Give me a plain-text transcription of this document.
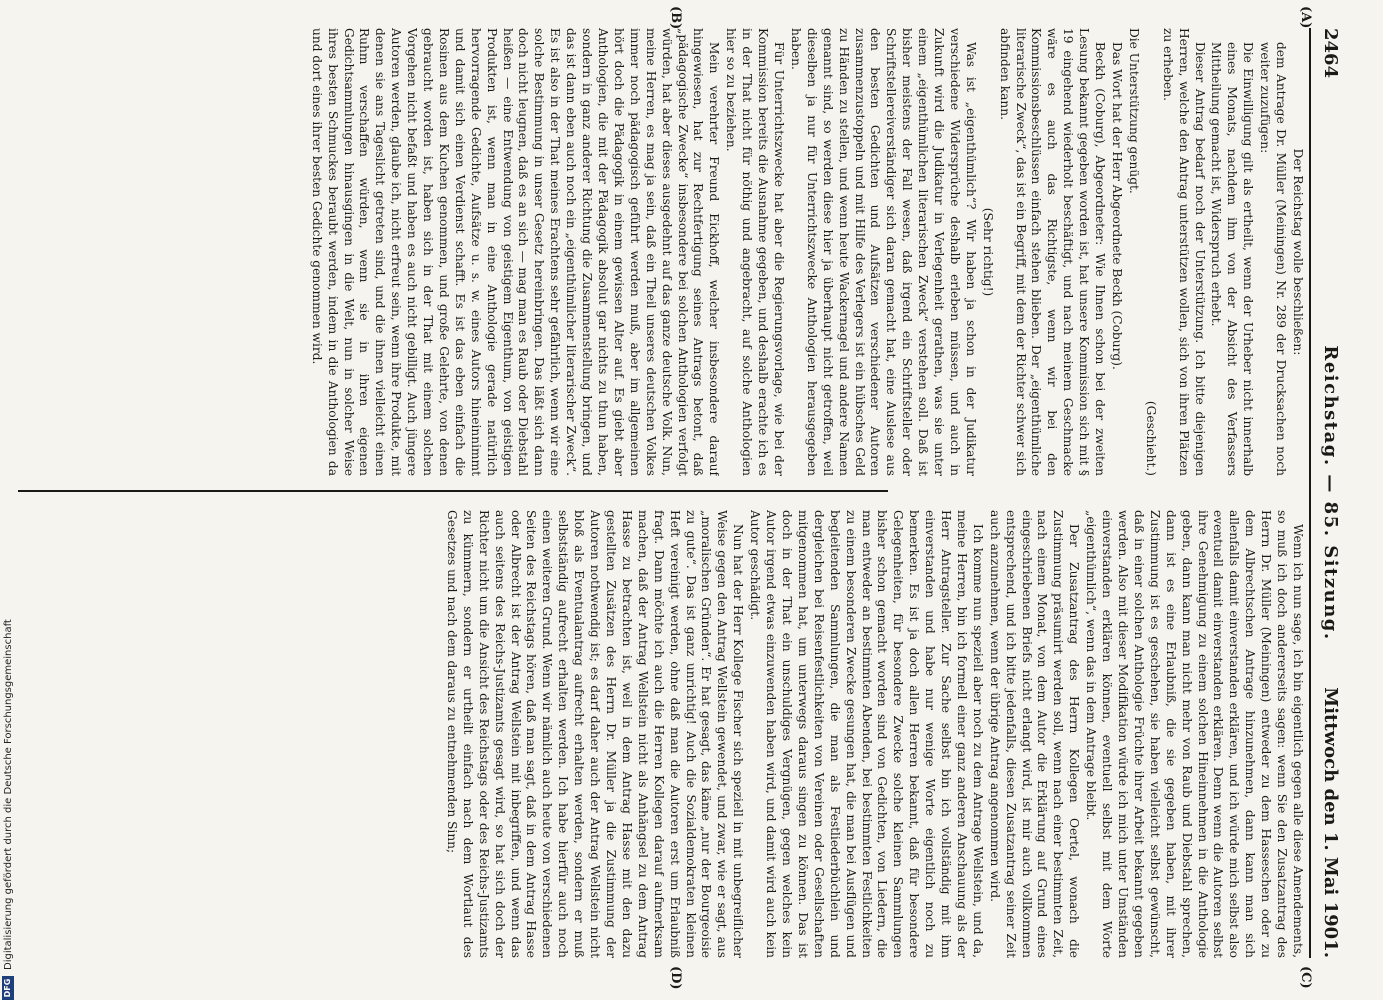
2464
Reichstag. — 85. Sitzung.
Mittwoch den 1. Mai 1901.
(A)
(B)
(C)
(D)

Der Reichstag wolle beschließen:

dem Antrage Dr. Müller (Meiningen) Nr. 289 der Drucksachen noch weiter zuzufügen:

Die Einwilligung gilt als ertheilt, wenn der Urheber nicht innerhalb eines Monats, nachdem ihm von der Absicht des Verfassers Mittheilung gemacht ist, Widerspruch erhebt.

Dieser Antrag bedarf noch der Unterstützung. Ich bitte diejenigen Herren, welche den Antrag unterstützen wollen, sich von ihren Plätzen zu erheben.

(Geschieht.)

Die Unterstützung genügt.

Das Wort hat der Herr Abgeordnete Beckh (Coburg).

Beckh (Coburg), Abgeordneter: Wie Ihnen schon bei der zweiten Lesung bekannt gegeben worden ist, hat unsere Kommission sich mit § 19 eingehend wiederholt beschäftigt, und nach meinem Geschmacke wäre es auch das Richtigste, wenn wir bei den Kommissionsbeschlüssen einfach stehen blieben. Der „eigenthümliche literarische Zweck“, das ist ein Begriff, mit dem der Richter schwer sich abfinden kann.

(Sehr richtig!)

Was ist „eigenthümlich“? Wir haben ja schon in der Judikatur verschiedene Widersprüche deshalb erleben müssen, und auch in Zukunft wird die Judikatur in Verlegenheit gerathen, was sie unter einem „eigenthümlichen literarischen Zweck“ verstehen soll. Daß ist bisher meistens der Fall wesen, daß irgend ein Schriftsteller oder Schriftstellereiverständiger sich daran gemacht hat, eine Auslese aus den besten Gedichten und Aufsätzen verschiedener Autoren zusammenzustoppeln und mit Hilfe des Verlegers ist ein hübsches Geld zu Händen zu stellen, und wenn heute Wackernagel und andere Namen genannt sind, so werden diese hier ja überhaupt nicht getroffen, weil dieselben ja nur für Unterrichtszwecke Anthologien herausgegeben haben.

Für Unterrichtszwecke hat aber die Regierungsvorlage, wie bei der Kommission bereits die Ausnahme gegeben, und deshalb erachte ich es in der That nicht für nöthig und angebracht, auf solche Anthologien hier so zu beziehen.

Mein verehrter Freund Eickhoff, welcher insbesondere darauf hingewiesen, hat zur Rechtfertigung seines Antrags betont, daß „pädagogische Zwecke“ insbesondere bei solchen Anthologien verfolgt würden, hat aber dieses ausgedehnt auf das ganze deutsche Volk. Nun, meine Herren, es mag ja sein, daß ein Theil unseres deutschen Volkes immer noch pädagogisch geführt werden muß, aber im allgemeinen hört doch die Pädagogik in einem gewissen Alter auf. Es giebt aber Anthologien, die mit der Pädagogik absolut gar nichts zu thun haben, sondern in ganz anderer Richtung die Zusammenstellung bringen, und das ist dann eben auch noch ein „eigenthümlicher literarischer Zweck“. Es ist also in der That meines Erachtens sehr gefährlich, wenn wir eine solche Bestimmung in unser Gesetz hereinbringen. Das läßt sich dann doch nicht leugnen, daß es an sich — mag man es Raub oder Diebstahl heißen — eine Entwendung von geistigem Eigenthum, von geistigen Produkten ist, wenn man in eine Anthologie gerade natürlich hervorragende Gedichte, Aufsätze u. s. w. eines Autors hineinnimmt und damit sich einen Verdienst schafft. Es ist das eben einfach die Rosinen aus dem Kuchen genommen, und große Gelehrte, von denen gebraucht worden ist, haben sich in der That mit einem solchen Vorgehen nicht befaßt und haben es auch nicht gebilligt. Auch jüngere Autoren werden, glaube ich, nicht erfreut sein, wenn ihre Produkte, mit denen sie ans Tageslicht getreten sind, und die ihnen vielleicht einen Ruhm verschaffen würden, wenn sie in ihren eigenen Gedichtsammlungen hinausgingen in die Welt, nun in solcher Weise ihres besten Schmuckes beraubt werden, indem in die Anthologien da und dort eines ihrer besten Gedichte genommen wird.

Wenn ich nun sage, ich bin eigentlich gegen alle diese Amendements, so muß ich doch andererseits sagen: wenn Sie den Zusatzantrag des Herrn Dr. Müller (Meiningen) entweder zu dem Hasseschen oder zu dem Albrechtschen Antrage hinzunehmen, dann kann man sich allenfalls damit einverstanden erklären, und ich würde mich selbst also eventuell damit einverstanden erklären. Denn wenn die Autoren selbst ihre Genehmigung zu einem solchen Hineinnehmen in die Anthologie geben, dann kann man nicht mehr von Raub und Diebstahl sprechen, dann ist es eine Erlaubniß, die sie gegeben haben, mit ihrer Zustimmung ist es geschehen, sie haben vielleicht selbst gewünscht, daß in einer solchen Anthologie Früchte ihrer Arbeit bekannt gegeben werden. Also mit dieser Modifikation würde ich mich unter Umständen einverstanden erklären können, eventuell selbst mit dem Worte „eigenthümlich“, wenn das in dem Antrage bleibt.

Der Zusatzantrag des Herrn Kollegen Oertel, wonach die Zustimmung präsumirt werden soll, wenn nach einer bestimmten Zeit, nach einem Monat, von dem Autor die Erklärung auf Grund eines eingeschriebenen Briefs nicht erlangt wird, ist mir auch vollkommen entsprechend, und ich bitte jedenfalls, diesen Zusatzantrag seiner Zeit auch anzunehmen, wenn der übrige Antrag angenommen wird.

Ich komme nun speziell aber noch zu dem Antrage Wellstein, und da, meine Herren, bin ich formell einer ganz anderen Anschauung als der Herr Antragsteller. Zur Sache selbst bin ich vollständig mit ihm einverstanden und habe nur wenige Worte eigentlich noch zu bemerken. Es ist ja doch allen Herren bekannt, daß für besondere Gelegenheiten, für besondere Zwecke solche kleinen Sammlungen bisher schon gemacht worden sind von Gedichten, von Liedern, die man entweder an bestimmten Abenden, bei bestimmten Festlichkeiten zu einem besonderen Zwecke gesungen hat, die man bei Ausflügen und begleitenden Sammlungen, die man als Festliederbüchlein und dergleichen bei Reisenfestlichkeiten von Vereinen oder Gesellschaften mitgenommen hat, um unterwegs daraus singen zu können. Das ist doch in der That ein unschuldiges Vergnügen, gegen welches kein Autor irgend etwas einzuwenden haben wird, und damit wird auch kein Autor geschädigt.

Nun hat der Herr Kollege Fischer sich speziell in mit unbegreiflicher Weise gegen den Antrag Wellstein gewendet, und zwar, wie er sagt, aus „moralischen Gründen“. Er hat gesagt, das käme „nur der Bourgeoisie zu gute“. Das ist ganz unrichtig! Auch die Sozialdemokraten kleinen Heft vereinigt werden, ohne daß man die Autoren erst um Erlaubniß fragt. Dann möchte ich auch die Herren Kollegen darauf aufmerksam machen, daß der Antrag Wellstein nicht als Anhängsel zu dem Antrag Hasse zu betrachten ist, weil in dem Antrag Hasse mit den dazu gestellten Zusätzen des Herrn Dr. Müller ja die Zustimmung der Autoren nothwendig ist; es darf daher auch der Antrag Wellstein nicht bloß als Eventualantrag aufrecht erhalten werden, sondern er muß selbstständig aufrecht erhalten werden. Ich habe hierfür auch noch einen weiteren Grund. Wenn wir nämlich auch heute von verschiedenen Seiten des Reichstags hören, daß man sagt, daß in dem Antrag Hasse oder Albrecht ist der Antrag Wellstein mit inbegriffen, und wenn das auch seitens des Reichs-Justizamts gesagt wird, so hat sich doch der Richter nicht um die Ansicht des Reichstags oder des Reichs-Justizamts zu kümmern, sondern er urtheilt einfach nach dem Wortlaut des Gesetzes und nach dem daraus zu entnehmenden Sinn;

DFG
Digitalisierung gefördert durch die Deutsche Forschungsgemeinschaft
